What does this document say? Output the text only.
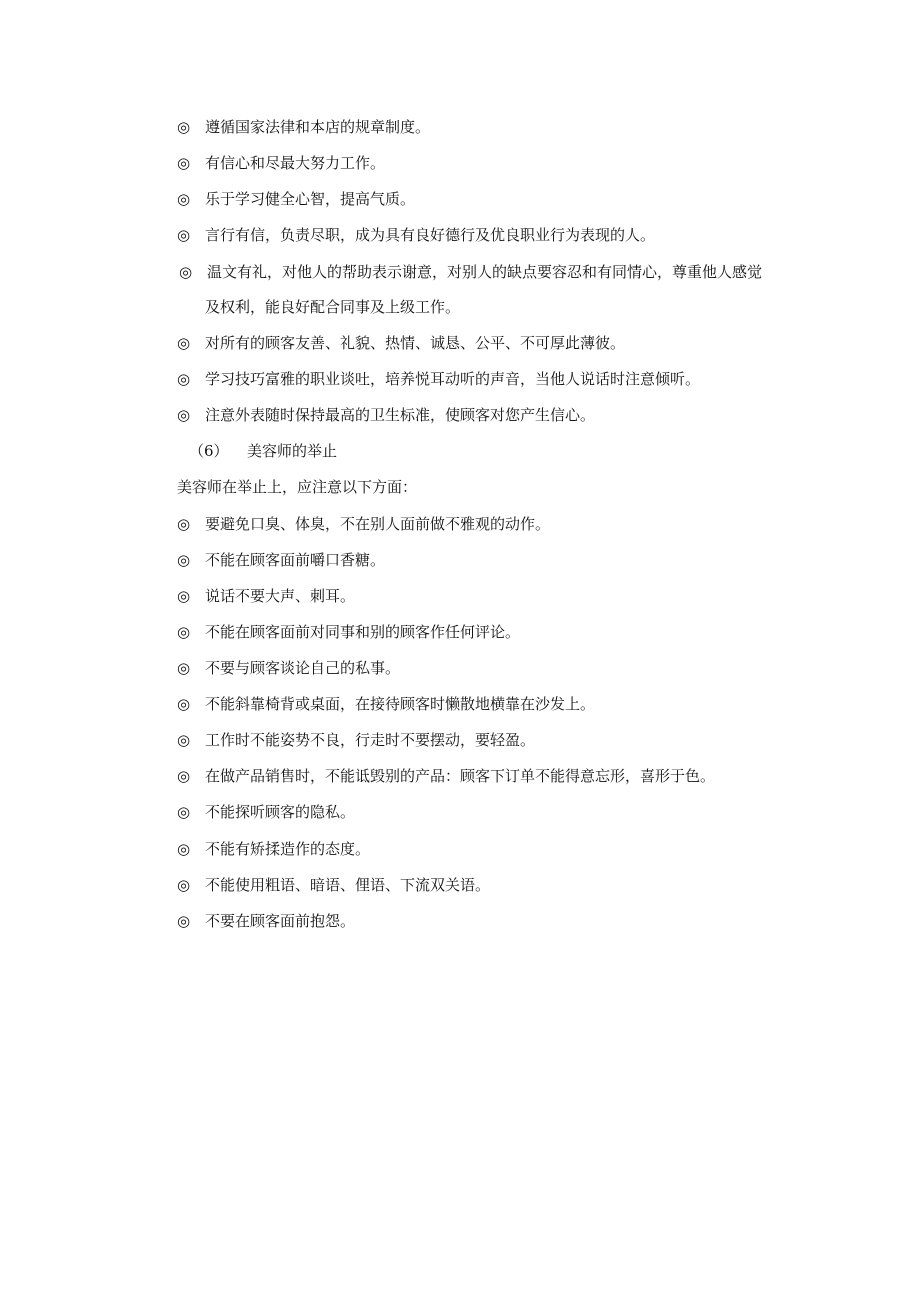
◎ 遵循国家法律和本店的规章制度。
◎ 有信心和尽最大努力工作。
◎ 乐于学习健全心智，提高气质。
◎ 言行有信，负责尽职，成为具有良好德行及优良职业行为表现的人。
◎ 温文有礼，对他人的帮助表示谢意，对别人的缺点要容忍和有同情心，尊重他人感觉
及权利，能良好配合同事及上级工作。
◎ 对所有的顾客友善、礼貌、热情、诚恳、公平、不可厚此薄彼。
◎ 学习技巧富雅的职业谈吐，培养悦耳动听的声音，当他人说话时注意倾听。
◎ 注意外表随时保持最高的卫生标准，使顾客对您产生信心。
（6） 美容师的举止
美容师在举止上，应注意以下方面：
◎ 要避免口臭、体臭，不在别人面前做不雅观的动作。
◎ 不能在顾客面前嚼口香糖。
◎ 说话不要大声、刺耳。
◎ 不能在顾客面前对同事和别的顾客作任何评论。
◎ 不要与顾客谈论自己的私事。
◎ 不能斜靠椅背或桌面，在接待顾客时懒散地横靠在沙发上。
◎ 工作时不能姿势不良，行走时不要摆动，要轻盈。
◎ 在做产品销售时，不能诋毁别的产品：顾客下订单不能得意忘形，喜形于色。
◎ 不能探听顾客的隐私。
◎ 不能有矫揉造作的态度。
◎ 不能使用粗语、暗语、俚语、下流双关语。
◎ 不要在顾客面前抱怨。
